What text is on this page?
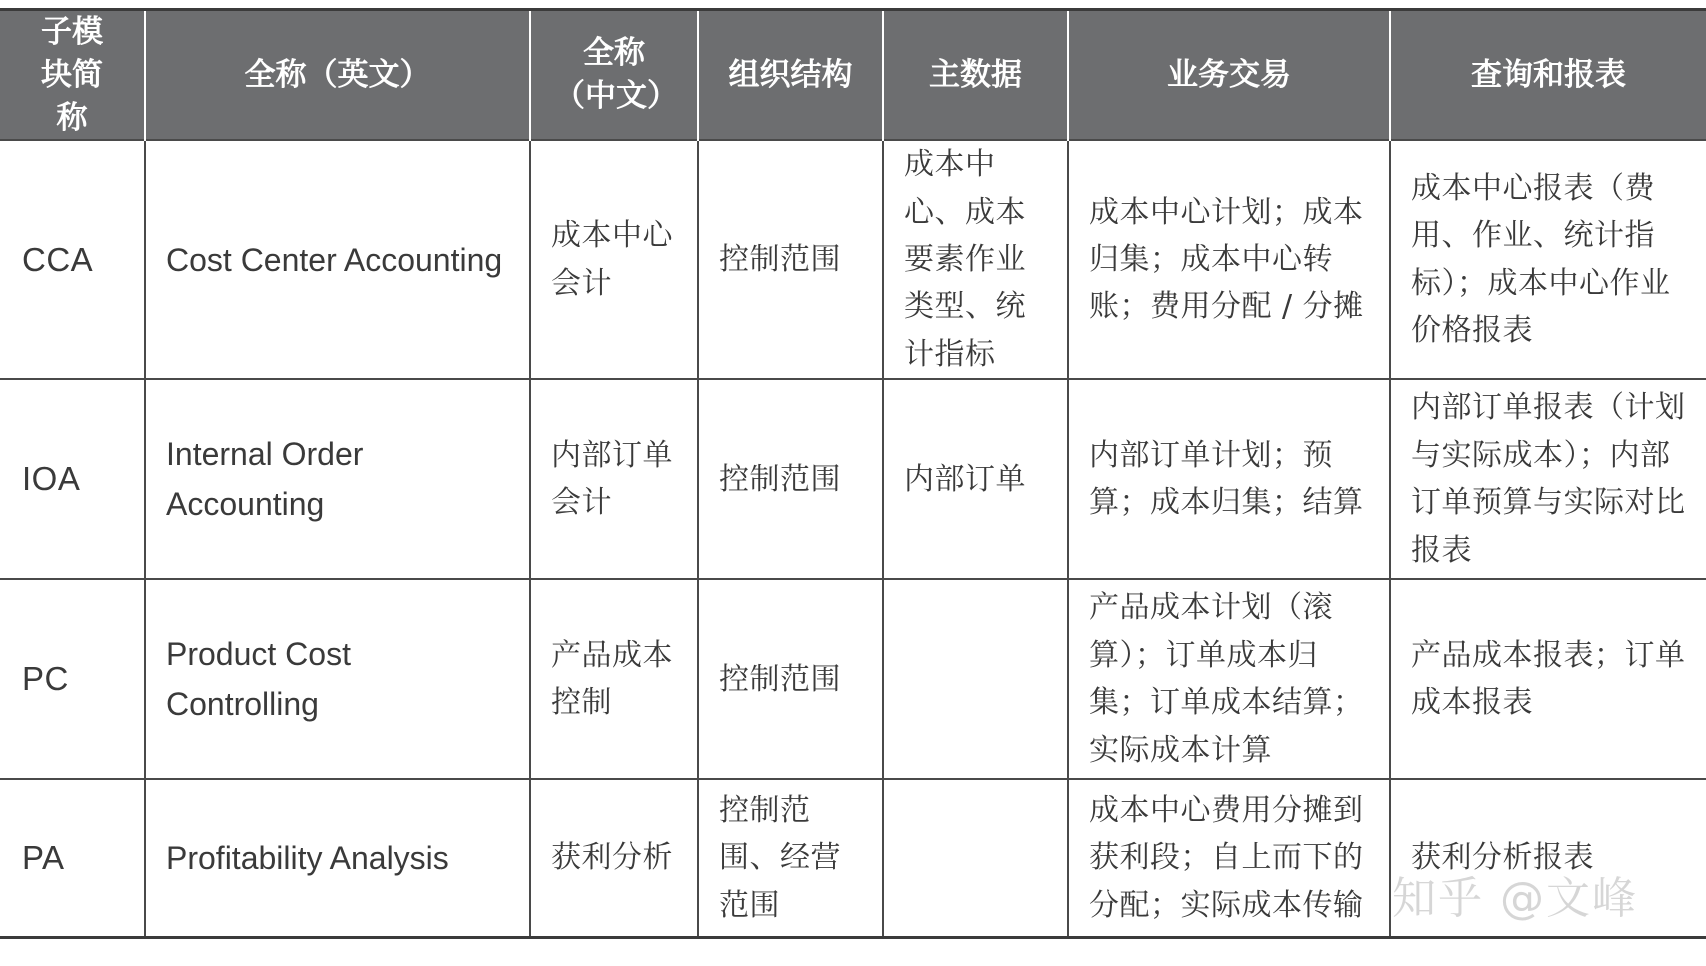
子模块简称	全称（英文）	全称（中文）	组织结构	主数据	业务交易	查询和报表
CCA	Cost Center Accounting	成本中心会计	控制范围	成本中心、成本要素作业类型、统计指标	成本中心计划；成本归集；成本中心转账；费用分配 / 分摊	成本中心报表（费用、作业、统计指标）；成本中心作业价格报表
IOA	Internal Order Accounting	内部订单会计	控制范围	内部订单	内部订单计划；预算；成本归集；结算	内部订单报表（计划与实际成本）；内部订单预算与实际对比报表
PC	Product Cost Controlling	产品成本控制	控制范围		产品成本计划（滚算）；订单成本归集；订单成本结算；实际成本计算	产品成本报表；订单成本报表
PA	Profitability Analysis	获利分析	控制范围、经营范围		成本中心费用分摊到获利段；自上而下的分配；实际成本传输	获利分析报表
知乎 @文峰
